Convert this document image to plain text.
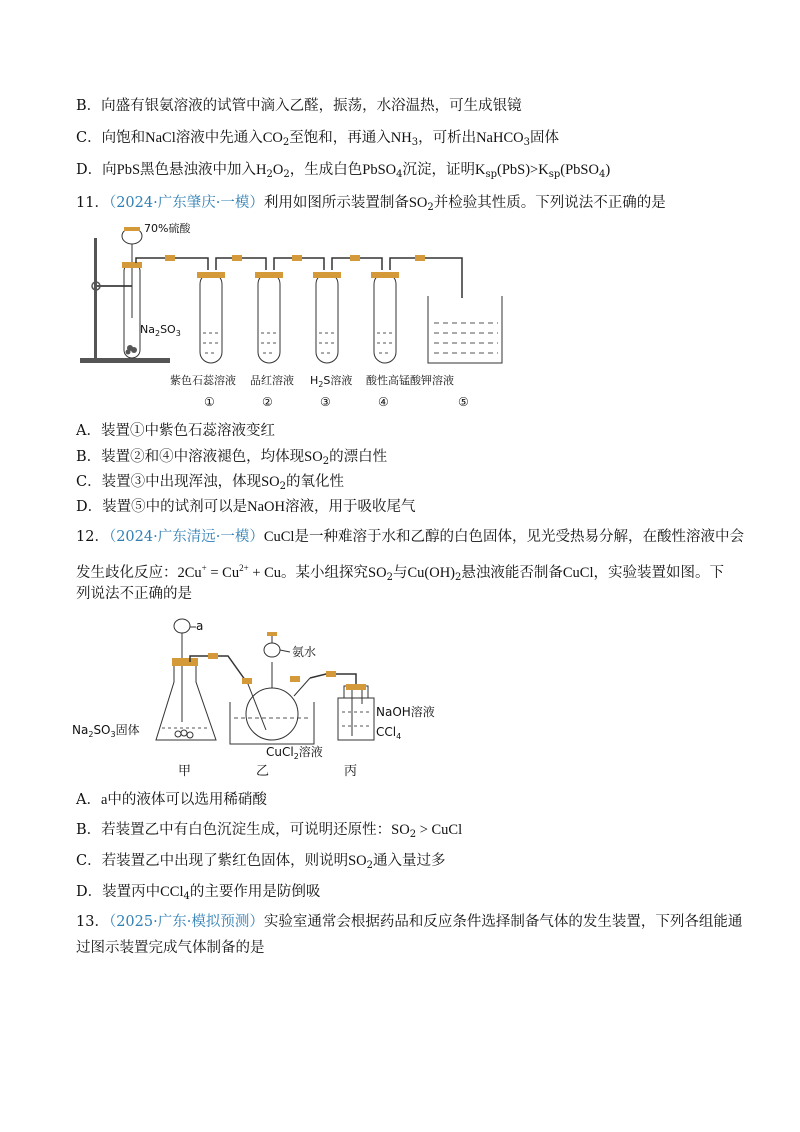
B．向盛有银氨溶液的试管中滴入乙醛，振荡，水浴温热，可生成银镜
C．向饱和NaCl溶液中先通入$CO_2$至饱和，再通入$NH_3$，可析出NaHCO$_3$固体
D．向PbS黑色悬浊液中加入$H_2O_2$，生成白色PbSO$_4$沉淀，证明$K_{sp}(PbS)>K_{sp}(PbSO_4)$
11．（2024·广东肇庆·一模）利用如图所示装置制备$SO_2$并检验其性质。下列说法不正确的是
70%硫酸
$Na_2SO_3$
紫色石蕊溶液 品红溶液 $H_2S$溶液 酸性高锰酸钾溶液
①	②	③	④	⑤
A．装置①中紫色石蕊溶液变红
B．装置②和④中溶液褪色，均体现$SO_2$的漂白性
C．装置③中出现浑浊，体现$SO_2$的氧化性
D．装置⑤中的试剂可以是NaOH溶液，用于吸收尾气
12．（2024·广东清远·一模）CuCl是一种难溶于水和乙醇的白色固体，见光受热易分解，在酸性溶液中会
发生歧化反应：$2Cu^+ = Cu^{2+} + Cu$。某小组探究$SO_2$与$Cu(OH)_2$悬浊液能否制备CuCl，实验装置如图。下
列说法不正确的是
a
$Na_2SO_3$固体
氨水
CuCl$_2$溶液
NaOH溶液
CCl$_4$
甲	乙	丙
A．a中的液体可以选用稀硝酸
B．若装置乙中有白色沉淀生成，可说明还原性：$SO_2$ > CuCl
C．若装置乙中出现了紫红色固体，则说明$SO_2$通入量过多
D．装置丙中CCl$_4$的主要作用是防倒吸
13．（2025·广东·模拟预测）实验室通常会根据药品和反应条件选择制备气体的发生装置，下列各组能通
过图示装置完成气体制备的是
